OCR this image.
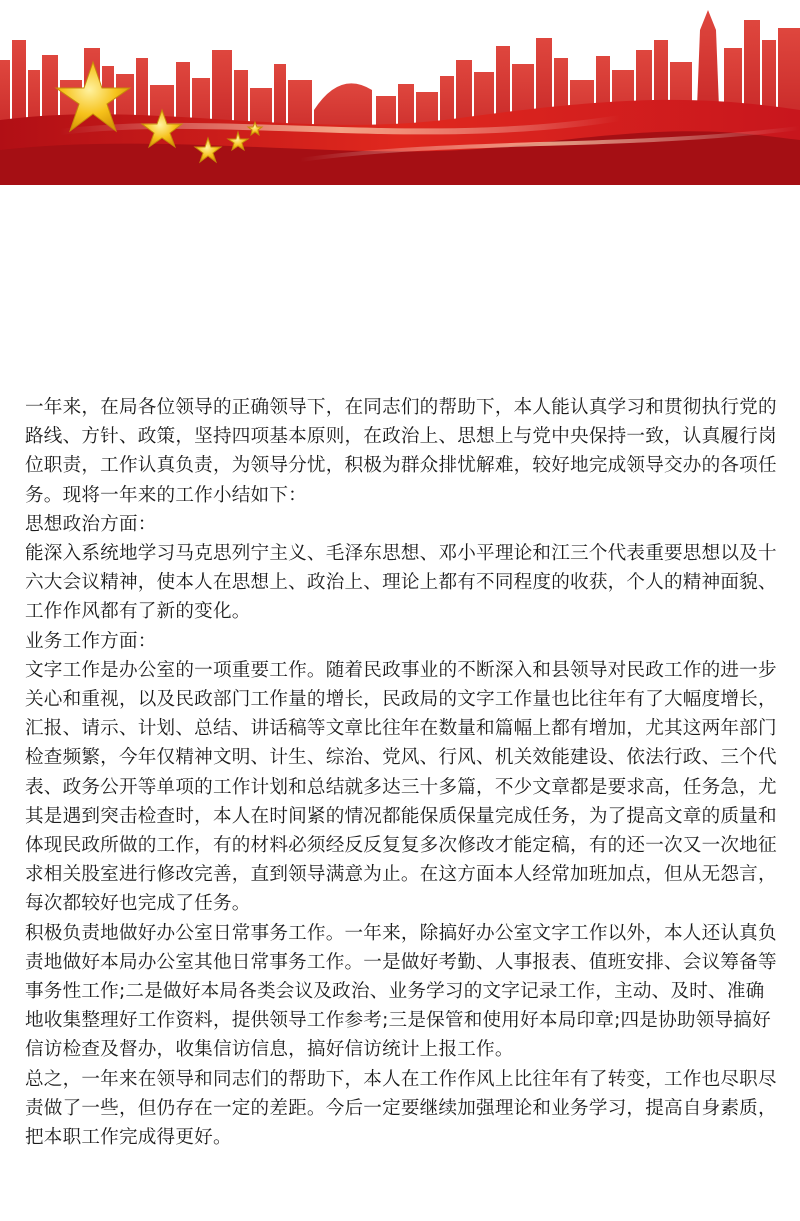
一年来，在局各位领导的正确领导下，在同志们的帮助下，本人能认真学习和贯彻执行党的路线、方针、政策，坚持四项基本原则，在政治上、思想上与党中央保持一致，认真履行岗位职责，工作认真负责，为领导分忧，积极为群众排忧解难，较好地完成领导交办的各项任务。现将一年来的工作小结如下：

思想政治方面：

能深入系统地学习马克思列宁主义、毛泽东思想、邓小平理论和江三个代表重要思想以及十六大会议精神，使本人在思想上、政治上、理论上都有不同程度的收获，个人的精神面貌、工作作风都有了新的变化。

业务工作方面：

文字工作是办公室的一项重要工作。随着民政事业的不断深入和县领导对民政工作的进一步关心和重视，以及民政部门工作量的增长，民政局的文字工作量也比往年有了大幅度增长，汇报、请示、计划、总结、讲话稿等文章比往年在数量和篇幅上都有增加，尤其这两年部门检查频繁，今年仅精神文明、计生、综治、党风、行风、机关效能建设、依法行政、三个代表、政务公开等单项的工作计划和总结就多达三十多篇，不少文章都是要求高，任务急，尤其是遇到突击检查时，本人在时间紧的情况都能保质保量完成任务，为了提高文章的质量和体现民政所做的工作，有的材料必须经反反复复多次修改才能定稿，有的还一次又一次地征求相关股室进行修改完善，直到领导满意为止。在这方面本人经常加班加点，但从无怨言，每次都较好也完成了任务。

积极负责地做好办公室日常事务工作。一年来，除搞好办公室文字工作以外，本人还认真负责地做好本局办公室其他日常事务工作。一是做好考勤、人事报表、值班安排、会议筹备等事务性工作;二是做好本局各类会议及政治、业务学习的文字记录工作，主动、及时、准确地收集整理好工作资料，提供领导工作参考;三是保管和使用好本局印章;四是协助领导搞好信访检查及督办，收集信访信息，搞好信访统计上报工作。

总之，一年来在领导和同志们的帮助下，本人在工作作风上比往年有了转变，工作也尽职尽责做了一些，但仍存在一定的差距。今后一定要继续加强理论和业务学习，提高自身素质，把本职工作完成得更好。
